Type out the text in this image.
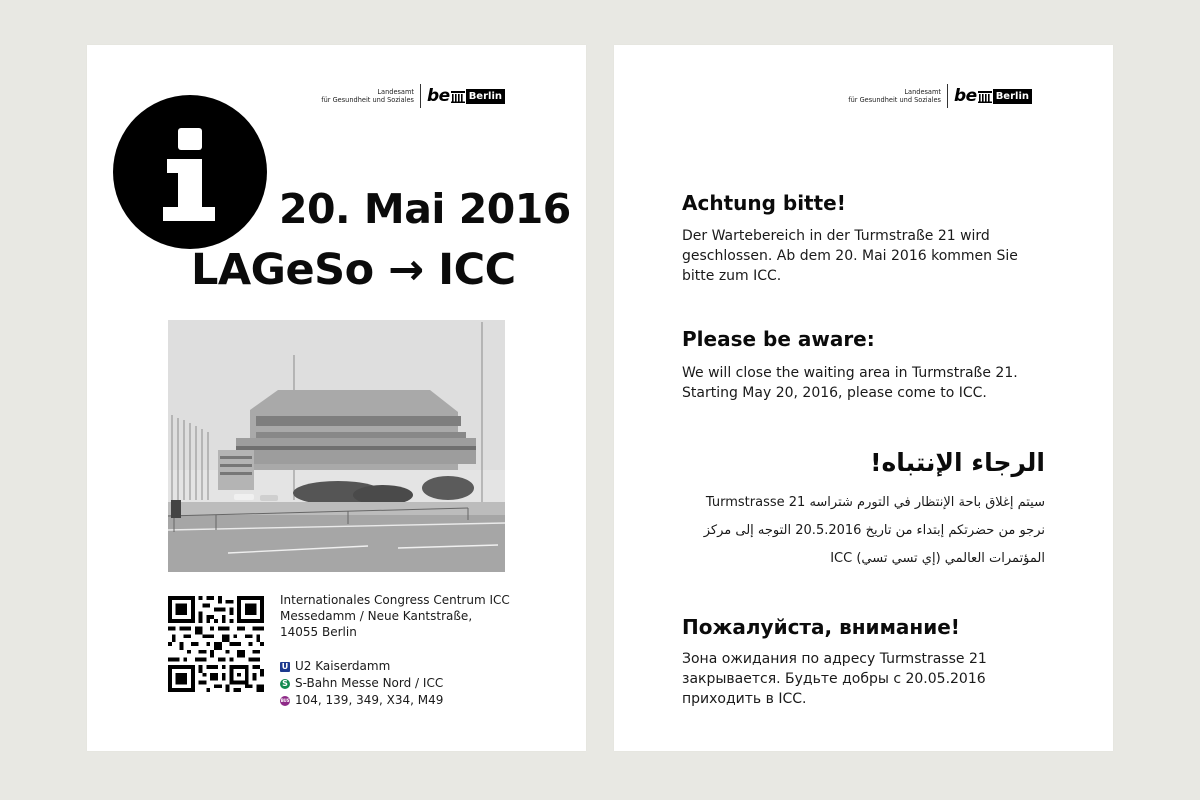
Landesamt
für Gesundheit und Soziales be	Berlin
20. Mai 2016
LAGeSo → ICC
Internationales Congress Centrum ICC
Messedamm / Neue Kantstraße,
14055 Berlin
U U2 Kaiserdamm
S S-Bahn Messe Nord / ICC
BUS 104, 139, 349, X34, M49
Landesamt
für Gesundheit und Soziales be	Berlin
Achtung bitte!
Der Wartebereich in der Turmstraße 21 wird
geschlossen. Ab dem 20. Mai 2016 kommen Sie
bitte zum ICC.
Please be aware:
We will close the waiting area in Turmstraße 21.
Starting May 20, 2016, please come to ICC.
الرجاء الإنتباه!
سيتم إغلاق باحة الإنتظار في التورم شتراسه Turmstrasse 21
نرجو من حضرتكم إبتداء من تاريخ 20.5.2016 التوجه إلى مركز
المؤتمرات العالمي (إي تسي تسي) ICC
Пожалуйста, внимание!
Зона ожидания по адресу Turmstrasse 21
закрывается. Будьте добры с 20.05.2016
приходить в ICC.
